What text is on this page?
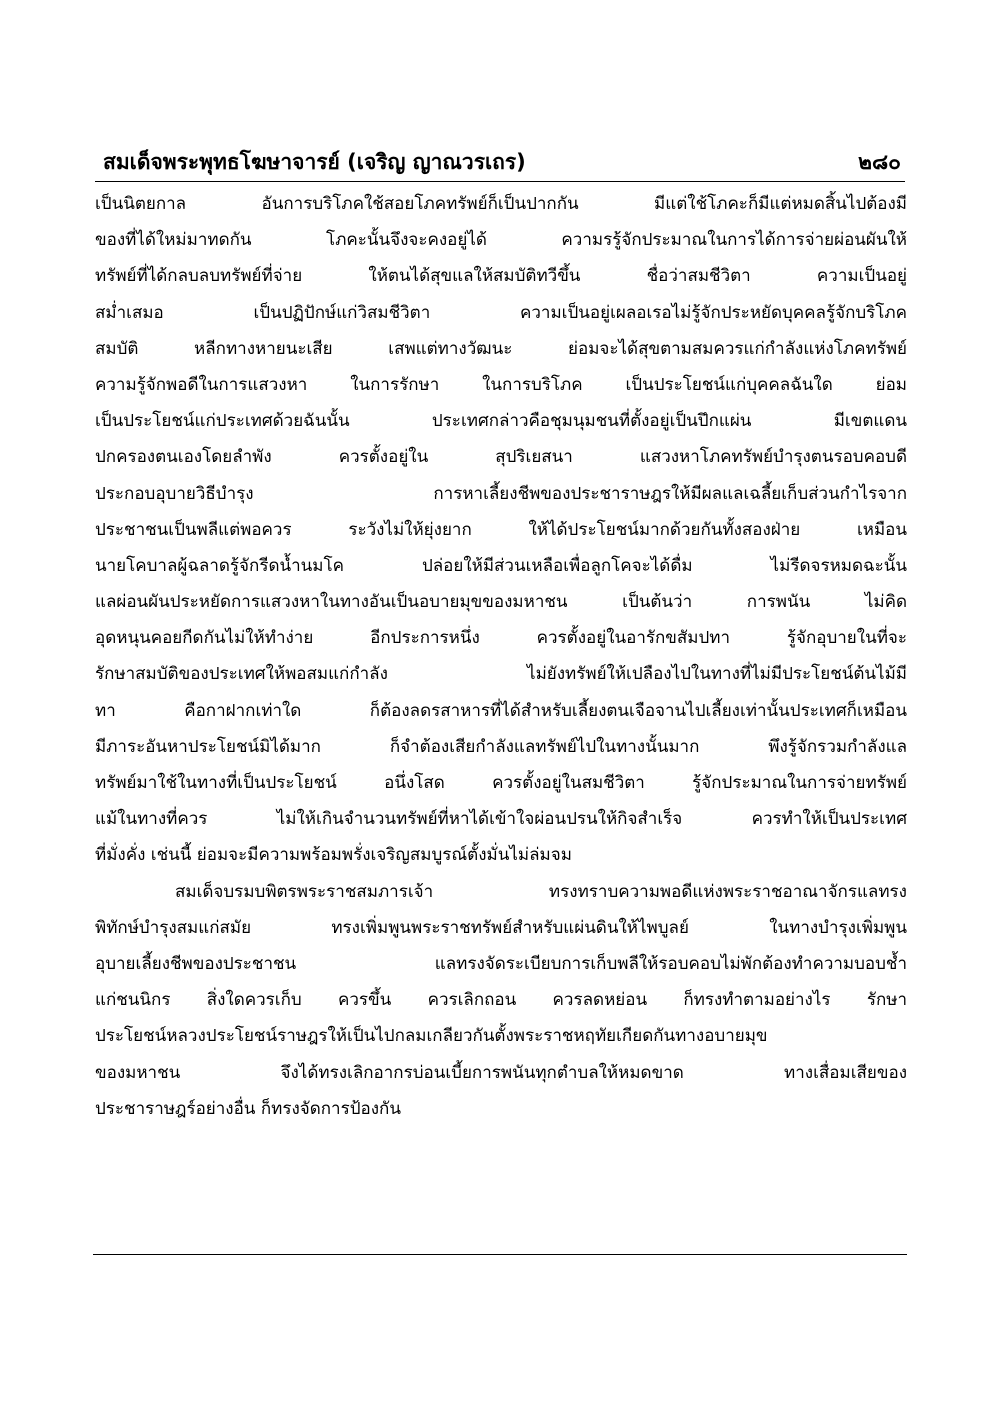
สมเด็จพระพุทธโฆษาจารย์ (เจริญ ญาณวรเถร)	๒๘๐
เป็นนิตยกาล อันการบริโภคใช้สอยโภคทรัพย์ก็เป็นปากกัน มีแต่ใช้โภคะก็มีแต่หมดสิ้นไปต้องมี
ของที่ได้ใหม่มาทดกัน โภคะนั้นจึงจะคงอยู่ได้ ความรรู้จักประมาณในการได้การจ่ายผ่อนผันให้
ทรัพย์ที่ได้กลบลบทรัพย์ที่จ่าย ให้ตนได้สุขแลให้สมบัติทวีขึ้น ชื่อว่าสมชีวิตา ความเป็นอยู่
สม่ำเสมอ เป็นปฏิปักษ์แก่วิสมชีวิตา ความเป็นอยู่เผลอเรอไม่รู้จักประหยัดบุคคลรู้จักบริโภค
สมบัติ หลีกทางหายนะเสีย เสพแต่ทางวัฒนะ ย่อมจะได้สุขตามสมควรแก่กำลังแห่งโภคทรัพย์
ความรู้จักพอดีในการแสวงหา ในการรักษา ในการบริโภค เป็นประโยชน์แก่บุคคลฉันใด ย่อม
เป็นประโยชน์แก่ประเทศด้วยฉันนั้น ประเทศกล่าวคือชุมนุมชนที่ตั้งอยู่เป็นปึกแผ่น มีเขตแดน
ปกครองตนเองโดยลำพัง ควรตั้งอยู่ใน สุปริเยสนา แสวงหาโภคทรัพย์บำรุงตนรอบคอบดี
ประกอบอุบายวิธีบำรุง การหาเลี้ยงชีพของประชาราษฎรให้มีผลแลเฉลี้ยเก็บส่วนกำไรจาก
ประชาชนเป็นพลีแต่พอควร ระวังไม่ให้ยุ่งยาก ให้ได้ประโยชน์มากด้วยกันทั้งสองฝ่าย เหมือน
นายโคบาลผู้ฉลาดรู้จักรีดน้ำนมโค ปล่อยให้มีส่วนเหลือเพื่อลูกโคจะได้ดื่ม ไม่รีดจรหมดฉะนั้น
แลผ่อนผันประหยัดการแสวงหาในทางอันเป็นอบายมุขของมหาชน เป็นต้นว่า การพนัน ไม่คิด
อุดหนุนคอยกีดกันไม่ให้ทำง่าย อีกประการหนึ่ง ควรตั้งอยู่ในอารักขสัมปทา รู้จักอุบายในที่จะ
รักษาสมบัติของประเทศให้พอสมแก่กำลัง ไม่ยังทรัพย์ให้เปลืองไปในทางที่ไม่มีประโยชน์ต้นไม้มี
ทา คือกาฝากเท่าใด ก็ต้องลดรสาหารที่ได้สำหรับเลี้ยงตนเจือจานไปเลี้ยงเท่านั้นประเทศก็เหมือน
มีภาระอันหาประโยชน์มิได้มาก ก็จำต้องเสียกำลังแลทรัพย์ไปในทางนั้นมาก พึงรู้จักรวมกำลังแล
ทรัพย์มาใช้ในทางที่เป็นประโยชน์ อนึ่งโสด ควรตั้งอยู่ในสมชีวิตา รู้จักประมาณในการจ่ายทรัพย์
แม้ในทางที่ควร ไม่ให้เกินจำนวนทรัพย์ที่หาได้เข้าใจผ่อนปรนให้กิจสำเร็จ ควรทำให้เป็นประเทศ
ที่มั่งคั่ง เช่นนี้ ย่อมจะมีความพร้อมพรั่งเจริญสมบูรณ์ตั้งมั่นไม่ล่มจม
สมเด็จบรมบพิตรพระราชสมภารเจ้า ทรงทราบความพอดีแห่งพระราชอาณาจักรแลทรง
พิทักษ์บำรุงสมแก่สมัย ทรงเพิ่มพูนพระราชทรัพย์สำหรับแผ่นดินให้ไพบูลย์ ในทางบำรุงเพิ่มพูน
อุบายเลี้ยงชีพของประชาชน แลทรงจัดระเบียบการเก็บพลีให้รอบคอบไม่พักต้องทำความบอบช้ำ
แก่ชนนิกร สิ่งใดควรเก็บ ควรขึ้น ควรเลิกถอน ควรลดหย่อน ก็ทรงทำตามอย่างไร รักษา
ประโยชน์หลวงประโยชน์ราษฎรให้เป็นไปกลมเกลียวกันตั้งพระราชหฤทัยเกียดกันทางอบายมุข
ของมหาชน จึงได้ทรงเลิกอากรบ่อนเบี้ยการพนันทุกตำบลให้หมดขาด ทางเสื่อมเสียของ
ประชาราษฎร์อย่างอื่น ก็ทรงจัดการป้องกัน
